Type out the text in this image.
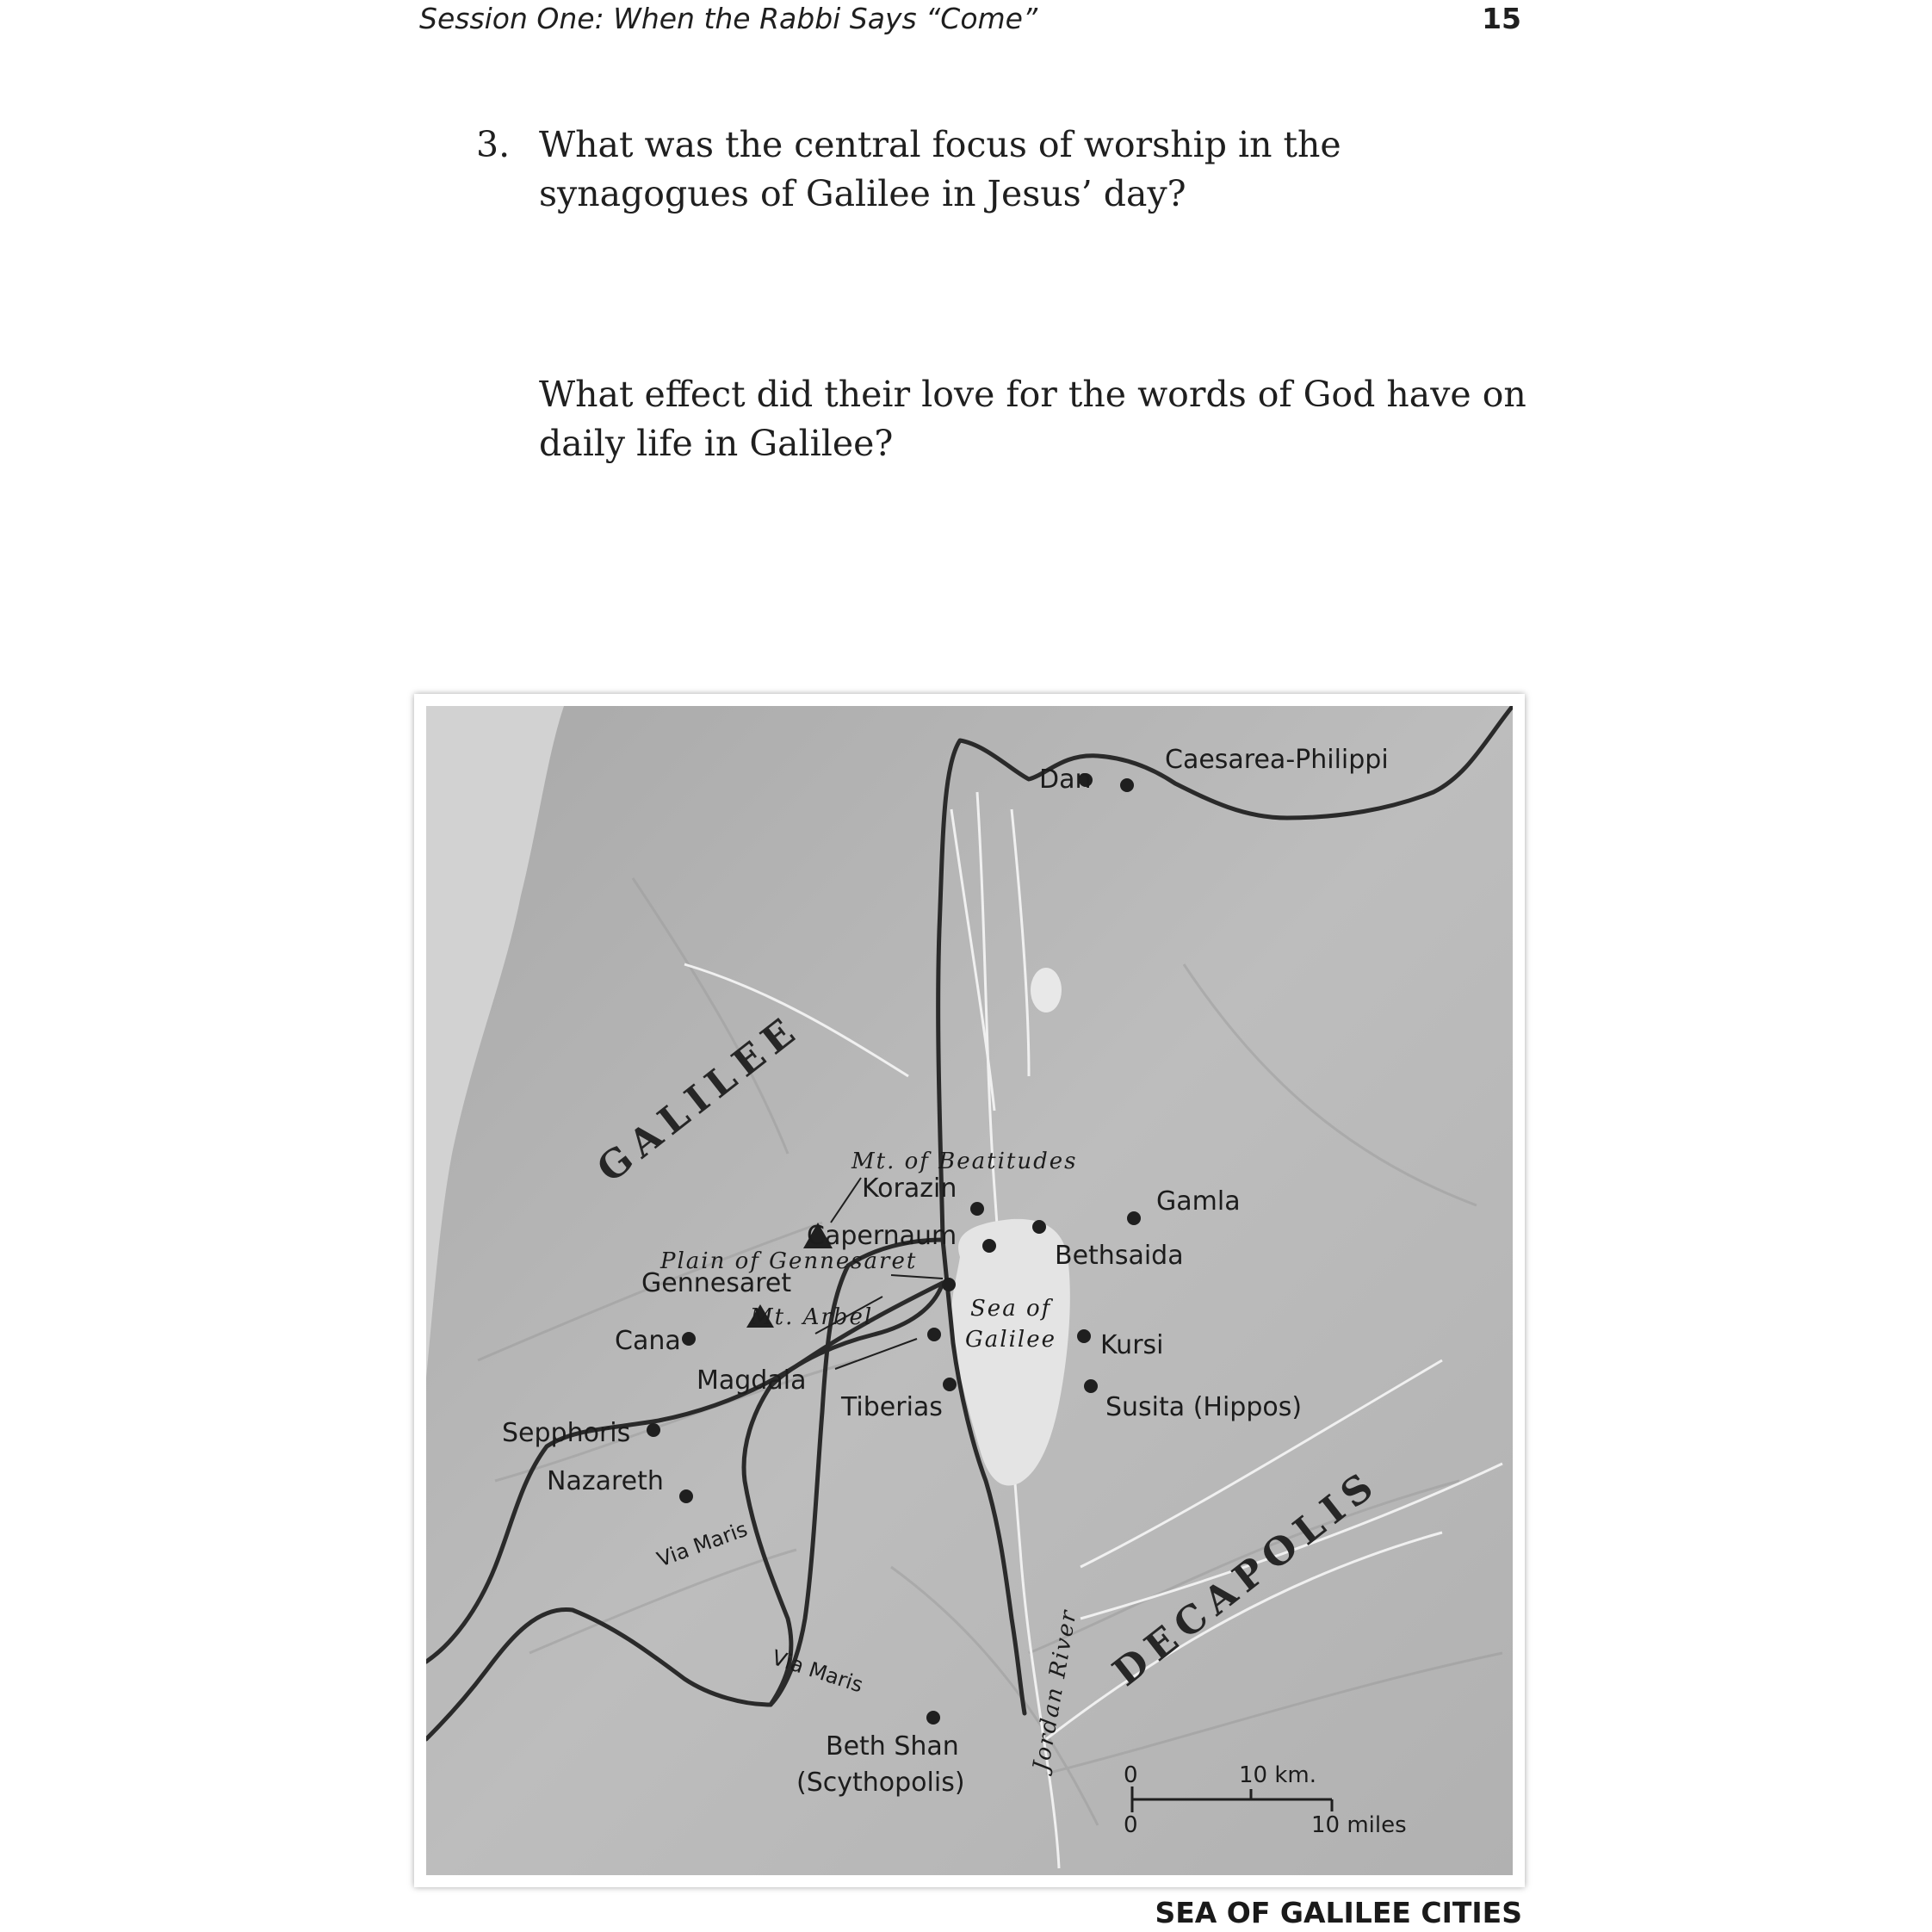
Session One: When the Rabbi Says “Come”	15
3. What was the central focus of worship in the synagogues of Galilee in Jesus’ day?
What effect did their love for the words of God have on daily life in Galilee?
Dan
Caesarea-Philippi
Korazin
Capernaum
Bethsaida
Gamla
Gennesaret
Cana
Magdala
Kursi
Tiberias	Susita (Hippos)
Sepphoris
Nazareth
Beth Shan
(Scythopolis)
Mt. of Beatitudes
Plain of Gennesaret
Mt. Arbel	Sea of
Galilee
Jordan River
GALILEE
DECAPOLIS
Via Maris
Via Maris
0	10 km.
0	10 miles
SEA OF GALILEE CITIES
